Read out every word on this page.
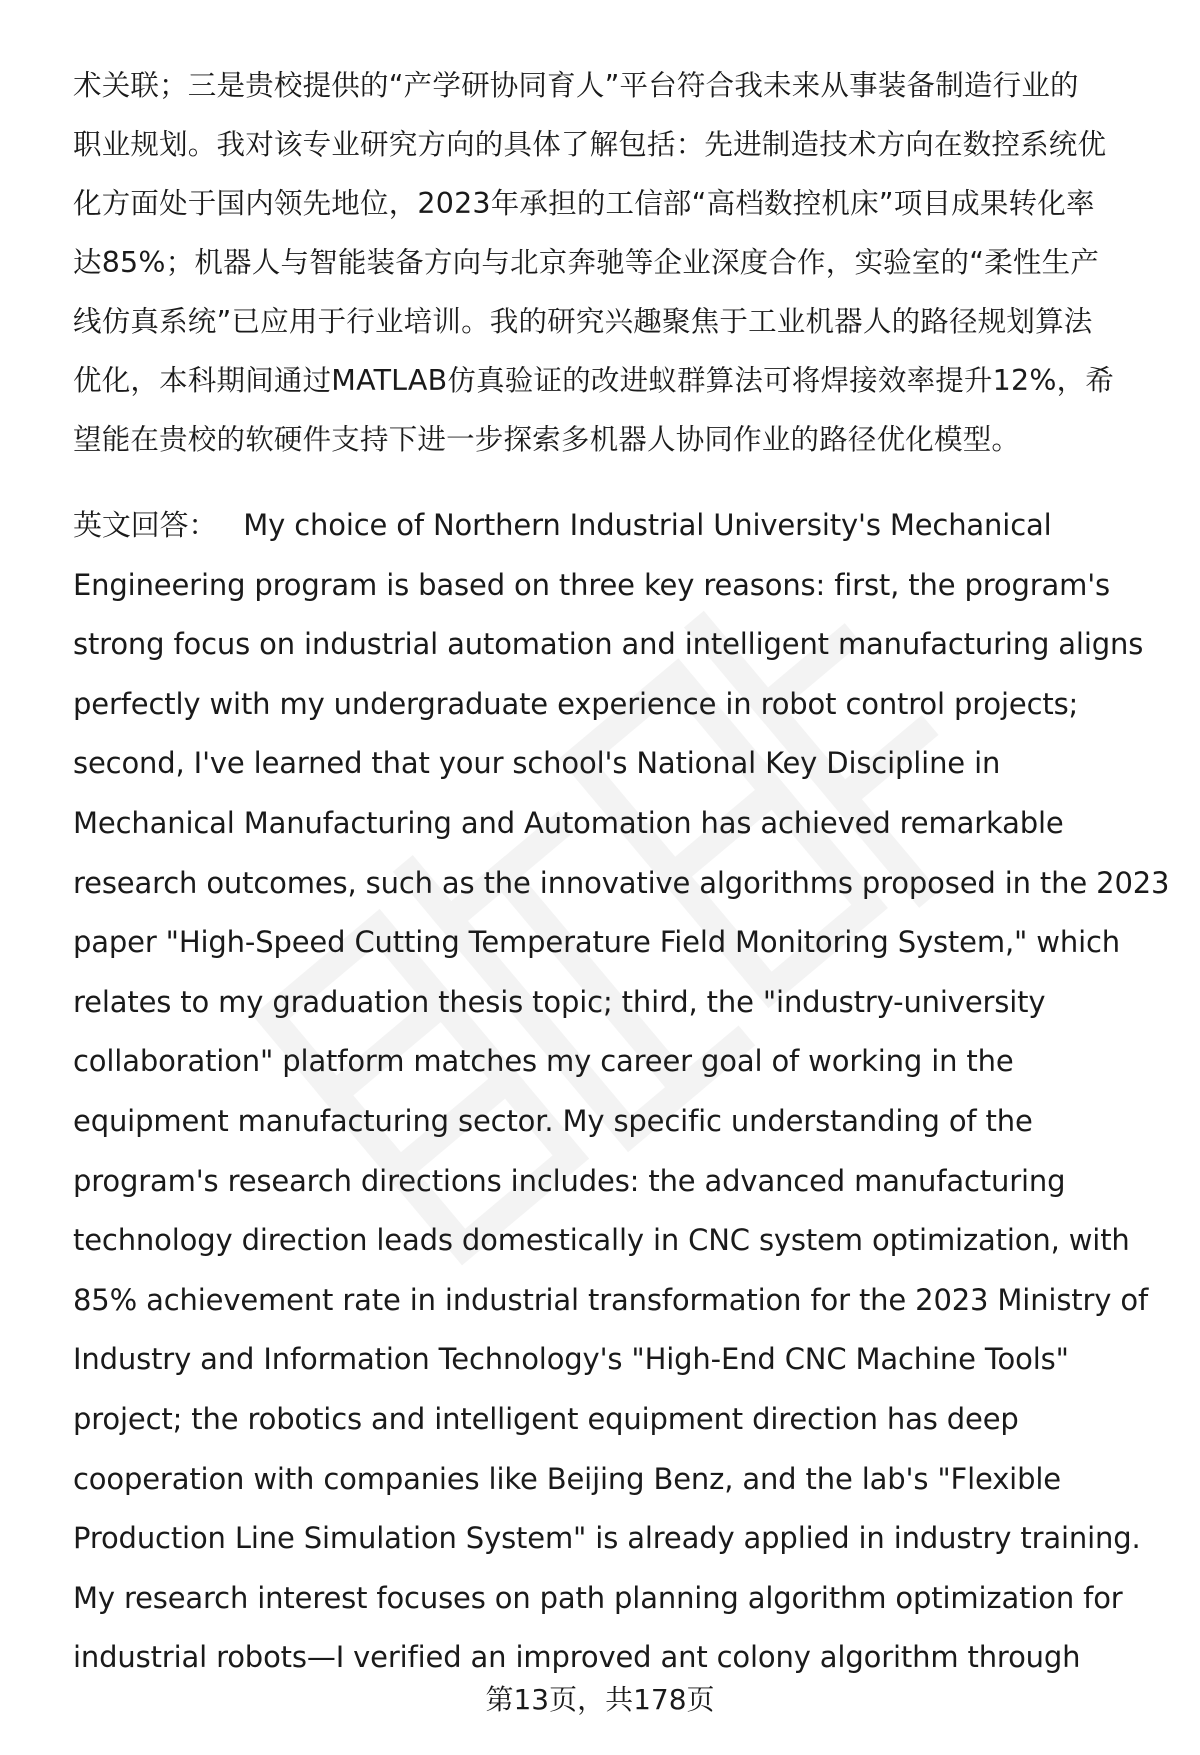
术关联；三是贵校提供的“产学研协同育人”平台符合我未来从事装备制造行业的
职业规划。我对该专业研究方向的具体了解包括：先进制造技术方向在数控系统优
化方面处于国内领先地位，2023年承担的工信部“高档数控机床”项目成果转化率
达85%；机器人与智能装备方向与北京奔驰等企业深度合作，实验室的“柔性生产
线仿真系统”已应用于行业培训。我的研究兴趣聚焦于工业机器人的路径规划算法
优化，本科期间通过MATLAB仿真验证的改进蚁群算法可将焊接效率提升12%，希
望能在贵校的软硬件支持下进一步探索多机器人协同作业的路径优化模型。
英文回答： My choice of Northern Industrial University's Mechanical
Engineering program is based on three key reasons: first, the program's
strong focus on industrial automation and intelligent manufacturing aligns
perfectly with my undergraduate experience in robot control projects;
second, I've learned that your school's National Key Discipline in
Mechanical Manufacturing and Automation has achieved remarkable
research outcomes, such as the innovative algorithms proposed in the 2023
paper "High-Speed Cutting Temperature Field Monitoring System," which
relates to my graduation thesis topic; third, the "industry-university
collaboration" platform matches my career goal of working in the
equipment manufacturing sector. My specific understanding of the
program's research directions includes: the advanced manufacturing
technology direction leads domestically in CNC system optimization, with
85% achievement rate in industrial transformation for the 2023 Ministry of
Industry and Information Technology's "High-End CNC Machine Tools"
project; the robotics and intelligent equipment direction has deep
cooperation with companies like Beijing Benz, and the lab's "Flexible
Production Line Simulation System" is already applied in industry training.
My research interest focuses on path planning algorithm optimization for
industrial robots—I verified an improved ant colony algorithm through
第13页，共178页
